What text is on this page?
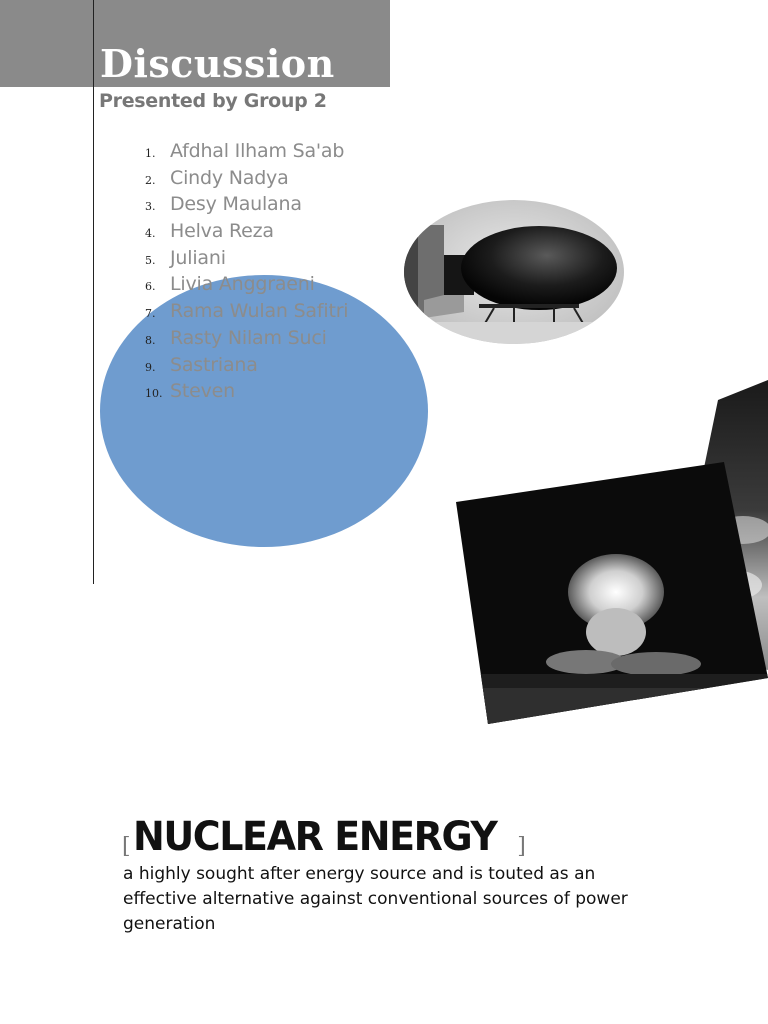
Discussion
Presented by Group 2
1. Afdhal Ilham Sa'ab
2. Cindy Nadya
3. Desy Maulana
4. Helva Reza
5. Juliani
6. Livia Anggraeni
7. Rama Wulan Safitri
8. Rasty Nilam Suci
9. Sastriana
10. Steven
[ NUCLEAR ENERGY ]

a highly sought after energy source and is touted as an effective alternative against conventional sources of power generation
